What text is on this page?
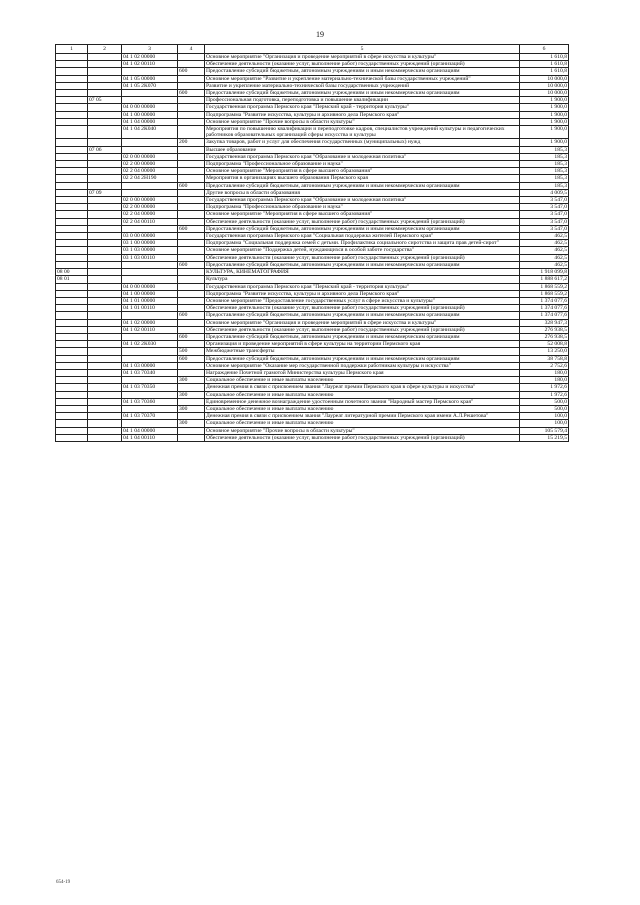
19
1	2	3	4	5	6
		04 1 02 00000		Основное мероприятие "Организация и проведение мероприятий в сфере искусства и культуры"	1 610,8
		04 1 02 00110		Обеспечение деятельности (оказание услуг, выполнение работ) государственных учреждений (организаций)	1 610,8
			600	Предоставление субсидий бюджетным, автономным учреждениям и иным некоммерческим организациям	1 610,8
		04 1 05 00000		Основное мероприятие "Развитие и укрепление материально-технической базы государственных учреждений"	10 000,0
		04 1 05 2К070		Развитие и укрепление материально-технической базы государственных учреждений	10 000,0
			600	Предоставление субсидий бюджетным, автономным учреждениям и иным некоммерческим организациям	10 000,0
	07 05			Профессиональная подготовка, переподготовка и повышение квалификации	1 900,0
		04 0 00 00000		Государственная программа Пермского края "Пермский край - территория культуры"	1 900,0
		04 1 00 00000		Подпрограмма "Развитие искусства, культуры и архивного дела Пермского края"	1 900,0
		04 1 04 00000		Основное мероприятие "Прочие вопросы в области культуры"	1 900,0
		04 1 04 2К040		Мероприятия по повышению квалификации и переподготовке кадров, специалистов учреждений культуры и педагогических работников образовательных организаций сферы искусства и культуры	1 900,0
			200	Закупка товаров, работ и услуг для обеспечения государственных (муниципальных) нужд	1 900,0
	07 06			Высшее образование	185,3
		02 0 00 00000		Государственная программа Пермского края "Образование и молодежная политика"	185,3
		02 2 00 00000		Подпрограмма "Профессиональное образование и наука"	185,3
		02 2 04 00000		Основное мероприятие "Мероприятия в сфере высшего образования"	185,3
		02 2 04 2Н190		Мероприятия в организациях высшего образования Пермского края	185,3
			600	Предоставление субсидий бюджетным, автономным учреждениям и иным некоммерческим организациям	185,3
	07 09			Другие вопросы в области образования	4 009,5
		02 0 00 00000		Государственная программа Пермского края "Образование и молодежная политика"	3 547,0
		02 2 00 00000		Подпрограмма "Профессиональное образование и наука"	3 547,0
		02 2 04 00000		Основное мероприятие "Мероприятия в сфере высшего образования"	3 547,0
		02 2 04 00110		Обеспечение деятельности (оказание услуг, выполнение работ) государственных учреждений (организаций)	3 547,0
			600	Предоставление субсидий бюджетным, автономным учреждениям и иным некоммерческим организациям	3 547,0
		03 0 00 00000		Государственная программа Пермского края "Социальная поддержка жителей Пермского края"	462,5
		03 1 00 00000		Подпрограмма "Социальная поддержка семей с детьми. Профилактика социального сиротства и защита прав детей-сирот"	462,5
		03 1 03 00000		Основное мероприятие "Поддержка детей, нуждающихся в особой заботе государства"	462,5
		03 1 03 00110		Обеспечение деятельности (оказание услуг, выполнение работ) государственных учреждений (организаций)	462,5
			600	Предоставление субсидий бюджетным, автономным учреждениям и иным некоммерческим организациям	462,5
08 00				КУЛЬТУРА, КИНЕМАТОГРАФИЯ	1 918 099,8
08 01				Культура	1 888 617,2
		04 0 00 00000		Государственная программа Пермского края "Пермский край - территория культуры"	1 868 559,2
		04 1 00 00000		Подпрограмма "Развитие искусства, культуры и архивного дела Пермского края"	1 868 559,2
		04 1 01 00000		Основное мероприятие "Предоставление государственных услуг в сфере искусства и культуры"	1 374 077,6
		04 1 01 00110		Обеспечение деятельности (оказание услуг, выполнение работ) государственных учреждений (организаций)	1 374 077,6
			600	Предоставление субсидий бюджетным, автономным учреждениям и иным некоммерческим организациям	1 374 077,6
		04 1 02 00000		Основное мероприятие "Организация и проведение мероприятий в сфере искусства и культуры"	328 947,3
		04 1 02 00110		Обеспечение деятельности (оказание услуг, выполнение работ) государственных учреждений (организаций)	276 938,5
			600	Предоставление субсидий бюджетным, автономным учреждениям и иным некоммерческим организациям	276 938,5
		04 1 02 2К030		Организация и проведение мероприятий в сфере культуры на территории Пермского края	52 008,8
			500	Межбюджетные трансферты	13 250,0
			600	Предоставление субсидий бюджетным, автономным учреждениям и иным некоммерческим организациям	38 758,8
		04 1 03 00000		Основное мероприятие "Оказание мер государственной поддержки работникам культуры и искусства"	2 752,6
		04 1 03 70340		Награждение Почетной грамотой Министерства культуры Пермского края	180,0
			300	Социальное обеспечение и иные выплаты населению	180,0
		04 1 03 70350		Денежная премия в связи с присвоением звания "Лауреат премии Пермского края в сфере культуры и искусства"	1 972,6
			300	Социальное обеспечение и иные выплаты населению	1 972,6
		04 1 03 70360		Единовременное денежное вознаграждение удостоенным почетного звания "Народный мастер Пермского края"	500,0
			300	Социальное обеспечение и иные выплаты населению	500,0
		04 1 03 70370		Денежная премия в связи с присвоением звания "Лауреат литературной премии Пермского края имени А.Л.Решетова"	100,0
			300	Социальное обеспечение и иные выплаты населению	100,0
		04 1 04 00000		Основное мероприятие "Прочие вопросы в области культуры"	105 579,4
		04 1 04 00110		Обеспечение деятельности (оказание услуг, выполнение работ) государственных учреждений (организаций)	15 219,5
654-19
